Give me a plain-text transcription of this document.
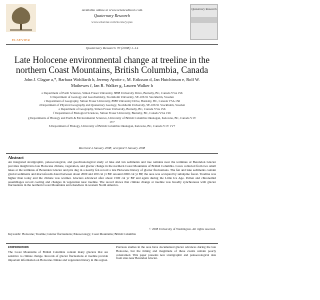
ELSEVIER
Available online at www.sciencedirect.com
Quaternary Research
www.elsevier.com/locate/yqres
Quaternary Research
Quaternary Research 70 (2008) 1–14
Late Holocene environmental change at treeline in the northern Coast Mountains, British Columbia, Canada
John J. Clague a,*, Barbara Wohlfarth b, Jeremy Ayotte c, M. Eriksson d, Jan Hutchinson e, Rolf W. Mathewes f, Ian R. Walker g, Lauren Walker h
a Department of Earth Sciences, Simon Fraser University, 8888 University Drive, Burnaby, BC, Canada V5A 1S6
b Department of Geology and Geochemistry, Stockholm University, SE-106 91 Stockholm, Sweden
c Department of Geography, Simon Fraser University, 8888 University Drive, Burnaby, BC, Canada V5A 1S6
d Department of Physical Geography and Quaternary Geology, Stockholm University, SE-106 91 Stockholm, Sweden
e Department of Geography, Simon Fraser University, Burnaby, BC, Canada V5A 1S6
f Department of Biological Sciences, Simon Fraser University, Burnaby, BC, Canada V5A 1S6
g Departments of Biology and Earth & Environmental Sciences, University of British Columbia Okanagan, Kelowna, BC, Canada V1V 1V7
h Department of Biology, University of British Columbia Okanagan, Kelowna, BC, Canada V1V 1V7
Received 4 January 2008; accepted 3 January 2008
Abstract
An integrated stratigraphic, paleoecological, and geochronological study of lake and fen sediments and tree remains near the terminus of Berendon Glacier provides insight into late Holocene climate, vegetation, and glacier change in the northern Coast Mountains of British Columbia. Cores collected from two small lakes at the terminus of Berendon Glacier and pits dug in a nearby fen record a late Holocene history of glacier fluctuations. The fen and lake sediments contain glacial sediments and macrofossils dated between about 2000 and 200 cal yr BP. Around 2000 cal yr BP, the area was occupied by subalpine forest. Treeline was higher than today and the climate was warmer. Glaciers advanced after about 1500 cal yr BP and again during the Little Ice Age. Pollen and chironomid assemblages record cooling and changes in vegetation near treeline. The record shows that climate change at treeline was broadly synchronous with glacier fluctuations in the northern Coast Mountains and elsewhere in western North America.
© 2008 University of Washington. All rights reserved.
Keywords: Holocene; Treeline; Glacier fluctuations; Paleoecology; Coast Mountains; British Columbia
Introduction

The Coast Mountains of British Columbia contain many glaciers that are sensitive to climate change. Records of glacier fluctuations at treeline provide important information on Holocene climate and vegetation history in this region.

Previous studies in the area have documented glacier advances during the late Holocene, but the timing and magnitude of these events remain poorly constrained. This paper presents new stratigraphic and paleoecological data from sites near Berendon Glacier.
